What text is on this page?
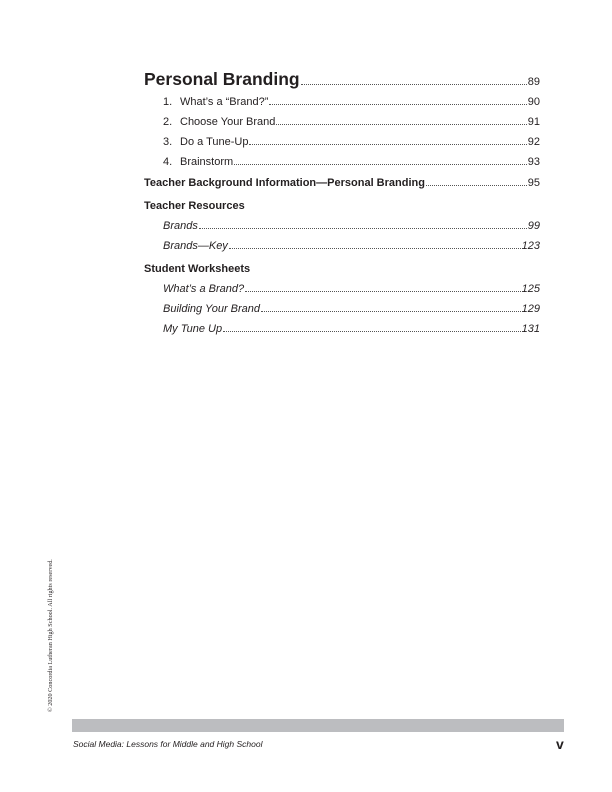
Personal Branding	89
1. What’s a “Brand?”	90
2. Choose Your Brand	91
3. Do a Tune-Up	92
4. Brainstorm	93
Teacher Background Information—Personal Branding	95
Teacher Resources
Brands	99
Brands—Key	123
Student Worksheets
What’s a Brand?	125
Building Your Brand	129
My Tune Up	131
© 2020 Concordia Lutheran High School. All rights reserved.
Social Media: Lessons for Middle and High School	v
